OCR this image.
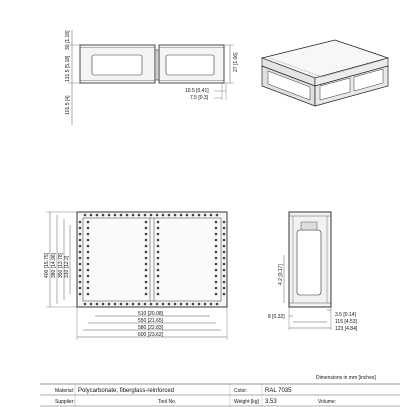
30 [1.18]
131.5 [5.18]
101.5 [4]
27 [1.06]
10.5 [0.41]
7.5 [0.3]
400 [15.75] 380 [14.96] 350 [13.78] 310 [12.2]
510 [20.08]
550 [21.65]
580 [22.83]
600 [23.62]
4.2 [0.17]
8 [0.32]	3.5 [0.14]
115 [4.53]
123 [4.84]
Dimensions in mm [inches]
Material: Polycarbonate, fiberglass-reinforced	Color:	RAL 7035
Supplier:	Tool No.	Weight [kg] 3.53	Volume:
